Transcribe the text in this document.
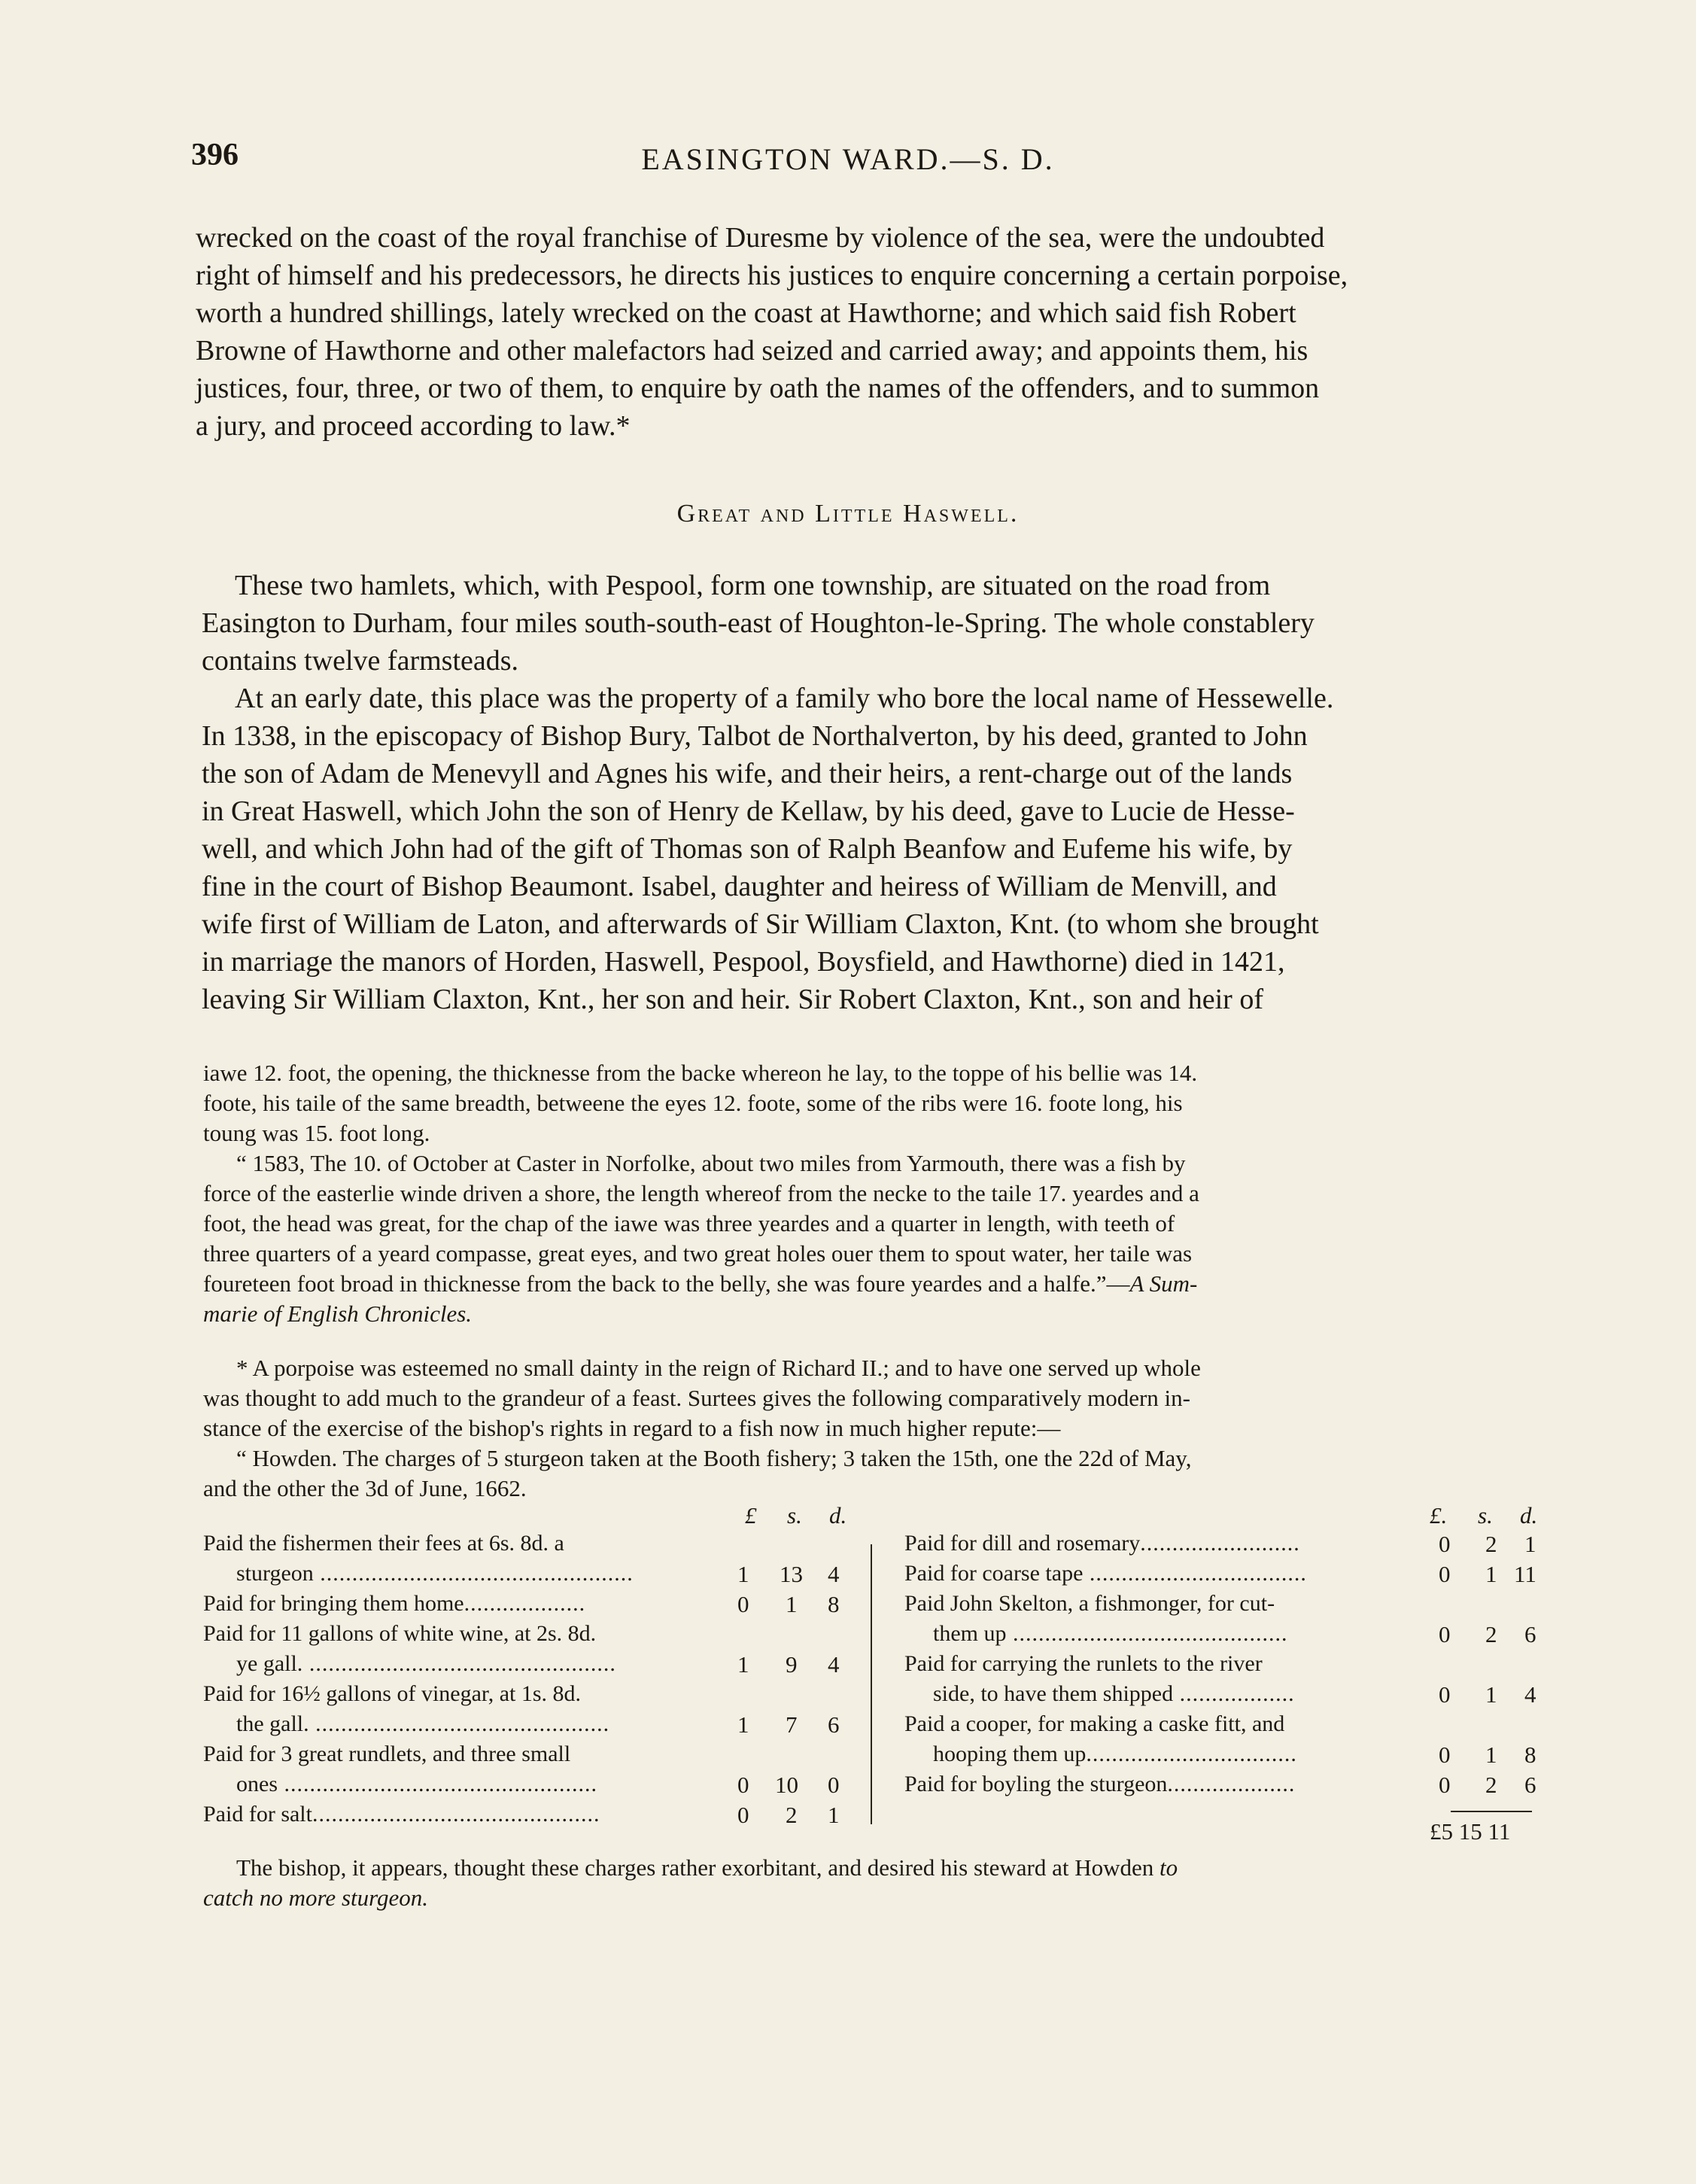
396	EASINGTON WARD.—S. D.
wrecked on the coast of the royal franchise of Duresme by violence of the sea, were the undoubted
right of himself and his predecessors, he directs his justices to enquire concerning a certain porpoise,
worth a hundred shillings, lately wrecked on the coast at Hawthorne; and which said fish Robert
Browne of Hawthorne and other malefactors had seized and carried away; and appoints them, his
justices, four, three, or two of them, to enquire by oath the names of the offenders, and to summon
a jury, and proceed according to law.*
Great and Little Haswell.
These two hamlets, which, with Pespool, form one township, are situated on the road from
Easington to Durham, four miles south-south-east of Houghton-le-Spring. The whole constablery
contains twelve farmsteads.
At an early date, this place was the property of a family who bore the local name of Hessewelle.
In 1338, in the episcopacy of Bishop Bury, Talbot de Northalverton, by his deed, granted to John
the son of Adam de Menevyll and Agnes his wife, and their heirs, a rent-charge out of the lands
in Great Haswell, which John the son of Henry de Kellaw, by his deed, gave to Lucie de Hesse-
well, and which John had of the gift of Thomas son of Ralph Beanfow and Eufeme his wife, by
fine in the court of Bishop Beaumont. Isabel, daughter and heiress of William de Menvill, and
wife first of William de Laton, and afterwards of Sir William Claxton, Knt. (to whom she brought
in marriage the manors of Horden, Haswell, Pespool, Boysfield, and Hawthorne) died in 1421,
leaving Sir William Claxton, Knt., her son and heir. Sir Robert Claxton, Knt., son and heir of
iawe 12. foot, the opening, the thicknesse from the backe whereon he lay, to the toppe of his bellie was 14.
foote, his taile of the same breadth, betweene the eyes 12. foote, some of the ribs were 16. foote long, his
toung was 15. foot long.
“ 1583, The 10. of October at Caster in Norfolke, about two miles from Yarmouth, there was a fish by
force of the easterlie winde driven a shore, the length whereof from the necke to the taile 17. yeardes and a
foot, the head was great, for the chap of the iawe was three yeardes and a quarter in length, with teeth of
three quarters of a yeard compasse, great eyes, and two great holes ouer them to spout water, her taile was
foureteen foot broad in thicknesse from the back to the belly, she was foure yeardes and a halfe.”—A Sum-
marie of English Chronicles.
* A porpoise was esteemed no small dainty in the reign of Richard II.; and to have one served up whole
was thought to add much to the grandeur of a feast. Surtees gives the following comparatively modern in-
stance of the exercise of the bishop's rights in regard to a fish now in much higher repute:—
“ Howden. The charges of 5 sturgeon taken at the Booth fishery; 3 taken the 15th, one the 22d of May,
and the other the 3d of June, 1662.
£ s. d.	£. s. d.
Paid the fishermen their fees at 6s. 8d. a
sturgeon .................................................	1 13 4
Paid for bringing them home...................	0 1 8
Paid for 11 gallons of white wine, at 2s. 8d.
ye gall. ................................................	1 9 4
Paid for 16½ gallons of vinegar, at 1s. 8d.
the gall. ..............................................	1 7 6
Paid for 3 great rundlets, and three small
ones .................................................	0 10 0
Paid for salt.............................................	0 2 1
Paid for dill and rosemary.........................	0 2 1
Paid for coarse tape ..................................	0 1 11
Paid John Skelton, a fishmonger, for cut-
them up ...........................................	0 2 6
Paid for carrying the runlets to the river
side, to have them shipped ..................	0 1 4
Paid a cooper, for making a caske fitt, and
hooping them up.................................	0 1 8
Paid for boyling the sturgeon....................	0 2 6
£5 15 11
The bishop, it appears, thought these charges rather exorbitant, and desired his steward at Howden to
catch no more sturgeon.
